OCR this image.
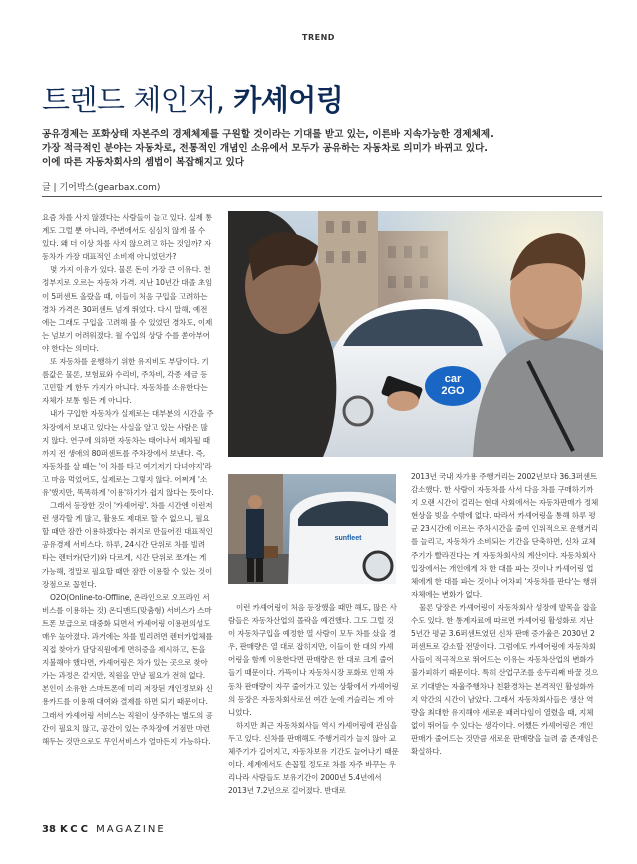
TREND
트렌드 체인저, 카셰어링
공유경제는 포화상태 자본주의 경제체제를 구원할 것이라는 기대를 받고 있는, 이른바 지속가능한 경제체제.
가장 적극적인 분야는 자동차로, 전통적인 개념인 소유에서 모두가 공유하는 자동차로 의미가 바뀌고 있다.
이에 따른 자동차회사의 셈법이 복잡해지고 있다
글 | 기어박스(gearbax.com)

요즘 차를 사지 않겠다는 사람들이 늘고 있다. 실제 통계도 그럴 뿐 아니라, 주변에서도 심심치 않게 볼 수 있다. 왜 더 이상 차를 사지 않으려고 하는 것일까? 자동차가 가장 대표적인 소비재 아니었던가?

몇 가지 이유가 있다. 물론 돈이 가장 큰 이유다. 천정부지로 오르는 자동차 가격. 지난 10년간 대졸 초임이 5퍼센트 올랐을 때, 이들이 처음 구입을 고려하는 경차 가격은 30퍼센트 넘게 뛰었다. 다시 말해, 예전에는 그래도 구입을 고려해 볼 수 있었던 경차도, 이제는 넘보기 어려워졌다. 월 수입의 상당 수를 쏟아부어야 한다는 의미다.

또 자동차를 운행하기 위한 유지비도 부담이다. 기름값은 물론, 보험료와 수리비, 주차비, 각종 세금 등 고민할 게 한두 가지가 아니다. 자동차를 소유한다는 자체가 보통 힘든 게 아니다.

내가 구입한 자동차가 실제로는 대부분의 시간을 주차장에서 보내고 있다는 사실을 알고 있는 사람은 많지 않다. 연구에 의하면 자동차는 태어나서 폐차될 때까지 전 생애의 80퍼센트를 주차장에서 보낸다. 즉, 자동차를 살 때는 '이 차를 타고 여기저기 다녀야지'라고 마음 먹었어도, 실제로는 그렇지 않다. 어쩌계 '소유'했지만, 똑똑하게 '이용'하기가 쉽지 않다는 뜻이다.

그래서 등장한 것이 '카셰어링'. 차를 시간엔 이런저런 생각할 게 많고, 활용도 제대로 할 수 없으니, 필요할 때만 잠깐 이용하겠다는 취지로 만들어진 대표적인 공유경제 서비스다. 하루, 24시간 단위로 차를 빌려 타는 렌터카(단기)와 다르게, 시간 단위로 쪼개는 게 가능해, 정말로 필요할 때만 잠깐 이용할 수 있는 것이 장점으로 꼽힌다.

O2O(Online-to-Offline, 온라인으로 오프라인 서비스를 이용하는 것) 온디맨드(맞춤형) 서비스가 스마트폰 보급으로 대중화 되면서 카셰어링 이용편의성도 매우 높아졌다. 과거에는 차를 빌리려면 렌터카업체를 직접 찾아가 담당직원에게 면허증을 제시하고, 돈을 지불해야 했다면, 카셰어링은 차가 있는 곳으로 찾아가는 과정은 같지만, 직원을 만날 필요가 전혀 없다. 본인이 소유한 스마트폰에 미리 저장된 개인정보와 신용카드를 이용해 대여와 결제를 하면 되기 때문이다. 그래서 카셰어링 서비스는 직원이 상주하는 별도의 공간이 필요치 않고, 공간이 있는 주차장에 거점만 마련해두는 것만으로도 무인서비스가 얼마든지 가능하다.

car
2GO
sunfleet

이런 카셰어링이 처음 등장했을 때만 해도, 많은 사람들은 자동차산업의 몰락을 예견했다. 그도 그럴 것이 자동차구입을 예정한 열 사람이 모두 차를 샀을 경우, 판매량은 열 대로 잡히지만, 이들이 한 대의 카셰어링을 함께 이용한다면 판매량은 한 대로 크게 줄어들기 때문이다. 가뜩이나 자동차시장 포화로 인해 자동차 판매량이 자꾸 줄어가고 있는 상황에서 카셰어링의 등장은 자동차회사로선 여간 눈에 거슬리는 게 아니었다.

하지만 최근 자동차회사들 역시 카셰어링에 관심을 두고 있다. 신차를 판매해도 주행거리가 늘지 않아 교체주기가 길어지고, 자동차보유 기간도 늘어나기 때문이다. 세계에서도 손꼽힐 정도로 차를 자주 바꾸는 우리나라 사람들도 보유기간이 2000년 5.4년에서 2013년 7.2년으로 길어졌다. 반대로

2013년 국내 자가용 주행거리는 2002년보다 36.3퍼센트 감소했다. 한 사람이 자동차를 사서 다음 차를 구매하기까지 오랜 시간이 걸리는 현대 사회에서는 자동차판매가 정체현상을 빚을 수밖에 없다. 따라서 카셰어링을 통해 하루 평균 23시간에 이르는 주차시간을 줄여 인위적으로 운행거리를 늘리고, 자동차가 소비되는 기간을 단축하면, 신차 교체주기가 빨라진다는 게 자동차회사의 계산이다. 자동차회사 입장에서는 개인에게 차 한 대를 파는 것이나 카셰어링 업체에게 한 대를 파는 것이나 어차피 '자동차를 판다'는 행위 자체에는 변화가 없다.

물론 당장은 카셰어링이 자동차회사 성장에 발목을 잡을 수도 있다. 한 통계자료에 따르면 카셰어링 활성화로 지난 5년간 평균 3.6퍼센트였던 신차 판매 증가율은 2030년 2퍼센트로 감소할 전망이다. 그럼에도 카셰어링에 자동차회사들이 적극적으로 뛰어드는 이유는 자동차산업의 변화가 불가피하기 때문이다. 특히 산업구조를 송두리째 바꿀 것으로 기대받는 자율주행차나 친환경차는 본격적인 활성화까지 약간의 시간이 남았다. 그래서 자동차회사들은 생산 역량을 최대한 유지해야 새로운 패러다임이 열렸을 때, 지체없이 뛰어들 수 있다는 생각이다. 어쨌든 카셰어링은 개인 판매가 줄어드는 것만큼 새로운 판매량을 늘려 줄 존재임은 확실하다.

38 KCC MAGAZINE
